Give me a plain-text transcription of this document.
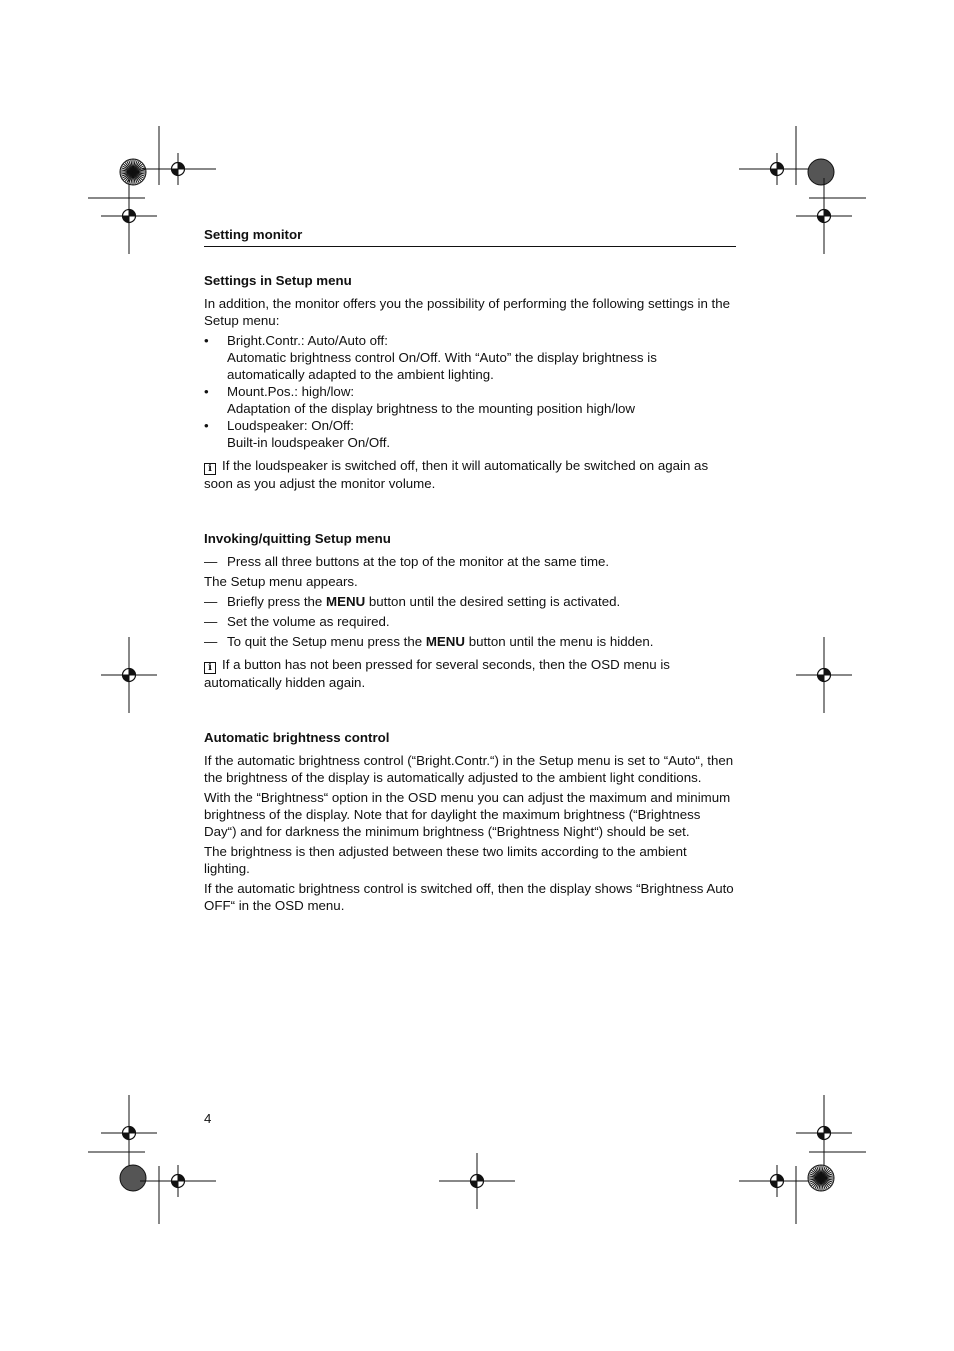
Setting monitor
Settings in Setup menu

In addition, the monitor offers you the possibility of performing the following settings in the Setup menu:

•	Bright.Contr.: Auto/Auto off:
Automatic brightness control On/Off. With “Auto” the display brightness is automatically adapted to the ambient lighting.
•	Mount.Pos.: high/low:
Adaptation of the display brightness to the mounting position high/low
•	Loudspeaker: On/Off:
Built-in loudspeaker On/Off.

i If the loudspeaker is switched off, then it will automatically be switched on again as soon as you adjust the monitor volume.

Invoking/quitting Setup menu
— Press all three buttons at the top of the monitor at the same time.

The Setup menu appears.

— Briefly press the MENU button until the desired setting is activated.
— Set the volume as required.
— To quit the Setup menu press the MENU button until the menu is hidden.

i If a button has not been pressed for several seconds, then the OSD menu is automatically hidden again.

Automatic brightness control

If the automatic brightness control (“Bright.Contr.“) in the Setup menu is set to “Auto“, then the brightness of the display is automatically adjusted to the ambient light conditions.

With the “Brightness“ option in the OSD menu you can adjust the maximum and minimum brightness of the display. Note that for daylight the maximum brightness (“Brightness Day“) and for darkness the minimum brightness (“Brightness Night“) should be set.

The brightness is then adjusted between these two limits according to the ambient lighting.

If the automatic brightness control is switched off, then the display shows “Brightness Auto OFF“ in the OSD menu.

4
